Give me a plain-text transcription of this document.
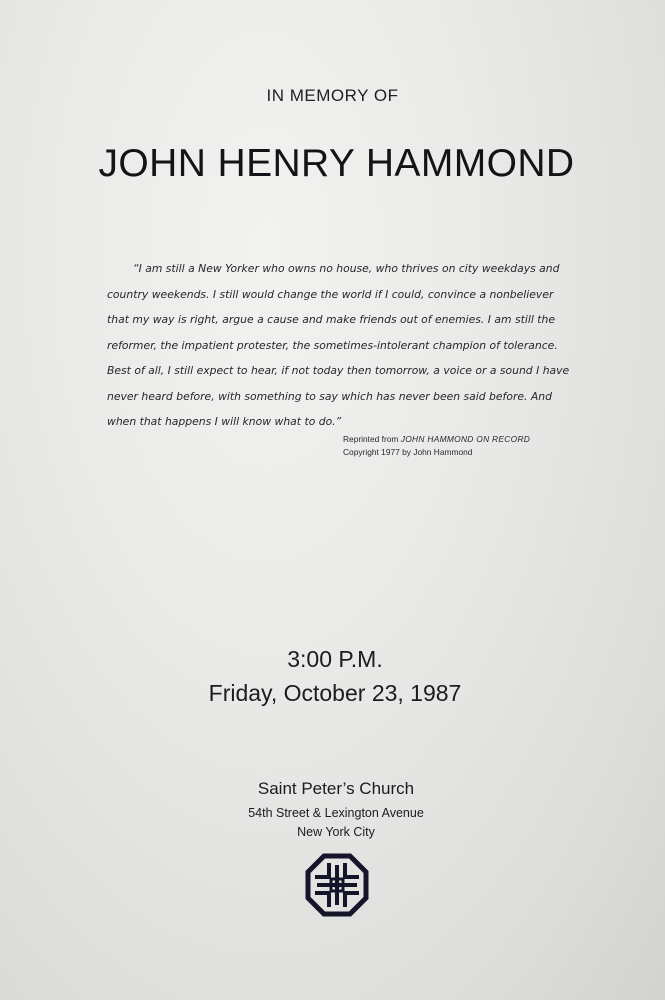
IN MEMORY OF
JOHN HENRY HAMMOND
“I am still a New Yorker who owns no house, who thrives on city weekdays and
country weekends. I still would change the world if I could, convince a nonbeliever
that my way is right, argue a cause and make friends out of enemies. I am still the
reformer, the impatient protester, the sometimes-intolerant champion of tolerance.
Best of all, I still expect to hear, if not today then tomorrow, a voice or a sound I have
never heard before, with something to say which has never been said before. And
when that happens I will know what to do.”
Reprinted from JOHN HAMMOND ON RECORD
Copyright 1977 by John Hammond
3:00 P.M.
Friday, October 23, 1987
Saint Peter’s Church
54th Street & Lexington Avenue
New York City
